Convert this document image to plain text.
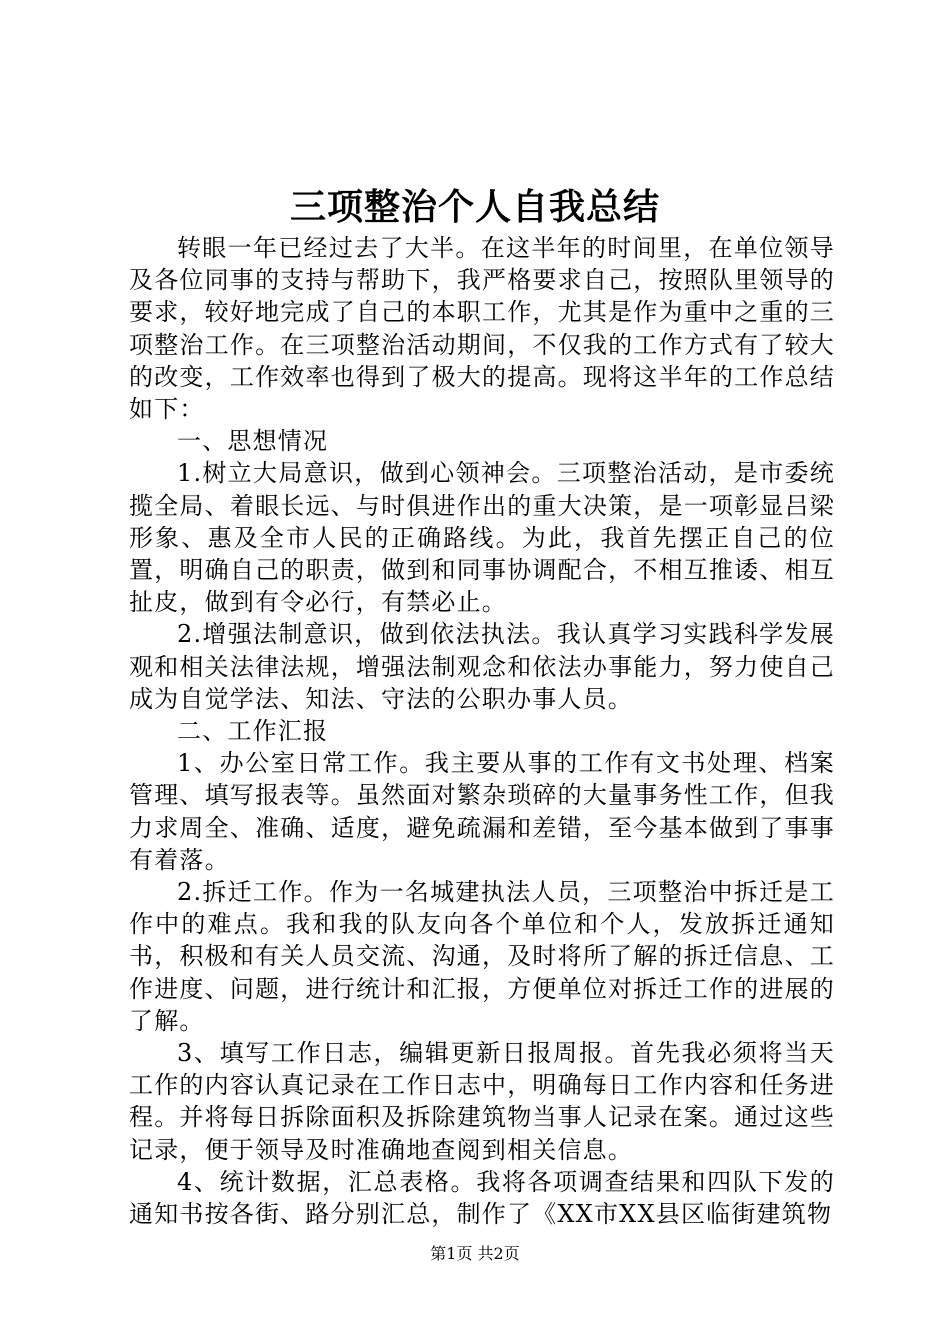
三项整治个人自我总结

转眼一年已经过去了大半。在这半年的时间里，在单位领导及各位同事的支持与帮助下，我严格要求自己，按照队里领导的要求，较好地完成了自己的本职工作，尤其是作为重中之重的三项整治工作。在三项整治活动期间，不仅我的工作方式有了较大的改变，工作效率也得到了极大的提高。现将这半年的工作总结如下：

一、思想情况

1.树立大局意识，做到心领神会。三项整治活动，是市委统揽全局、着眼长远、与时俱进作出的重大决策，是一项彰显吕梁形象、惠及全市人民的正确路线。为此，我首先摆正自己的位置，明确自己的职责，做到和同事协调配合，不相互推诿、相互扯皮，做到有令必行，有禁必止。

2.增强法制意识，做到依法执法。我认真学习实践科学发展观和相关法律法规，增强法制观念和依法办事能力，努力使自己成为自觉学法、知法、守法的公职办事人员。

二、工作汇报

1、办公室日常工作。我主要从事的工作有文书处理、档案管理、填写报表等。虽然面对繁杂琐碎的大量事务性工作，但我力求周全、准确、适度，避免疏漏和差错，至今基本做到了事事有着落。

2.拆迁工作。作为一名城建执法人员，三项整治中拆迁是工作中的难点。我和我的队友向各个单位和个人，发放拆迁通知书，积极和有关人员交流、沟通，及时将所了解的拆迁信息、工作进度、问题，进行统计和汇报，方便单位对拆迁工作的进展的了解。

3、填写工作日志，编辑更新日报周报。首先我必须将当天工作的内容认真记录在工作日志中，明确每日工作内容和任务进程。并将每日拆除面积及拆除建筑物当事人记录在案。通过这些记录，便于领导及时准确地查阅到相关信息。

4、统计数据，汇总表格。我将各项调查结果和四队下发的通知书按各街、路分别汇总，制作了《XX市XX县区临街建筑物

第1页 共2页
